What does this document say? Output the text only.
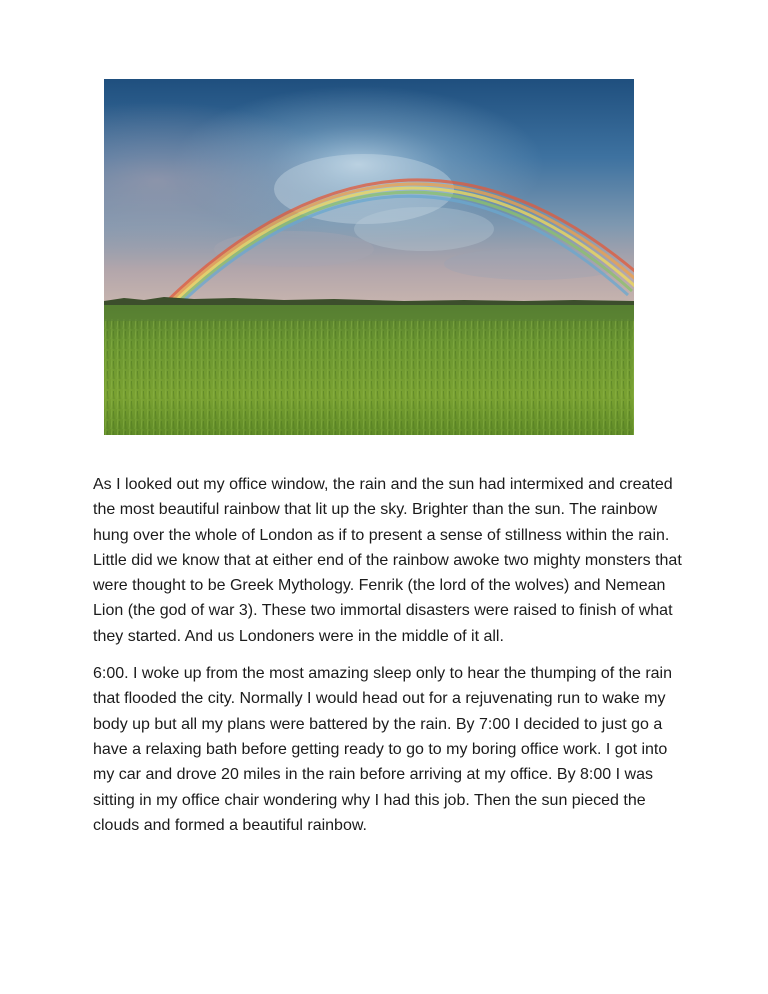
As I looked out my office window, the rain and the sun had intermixed and created the most beautiful rainbow that lit up the sky. Brighter than the sun. The rainbow hung over the whole of London as if to present a sense of stillness within the rain. Little did we know that at either end of the rainbow awoke two mighty monsters that were thought to be Greek Mythology. Fenrik (the lord of the wolves) and Nemean Lion (the god of war 3). These two immortal disasters were raised to finish of what they started. And us Londoners were in the middle of it all.

6:00. I woke up from the most amazing sleep only to hear the thumping of the rain that flooded the city. Normally I would head out for a rejuvenating run to wake my body up but all my plans were battered by the rain. By 7:00 I decided to just go a have a relaxing bath before getting ready to go to my boring office work. I got into my car and drove 20 miles in the rain before arriving at my office. By 8:00 I was sitting in my office chair wondering why I had this job. Then the sun pieced the clouds and formed a beautiful rainbow.
